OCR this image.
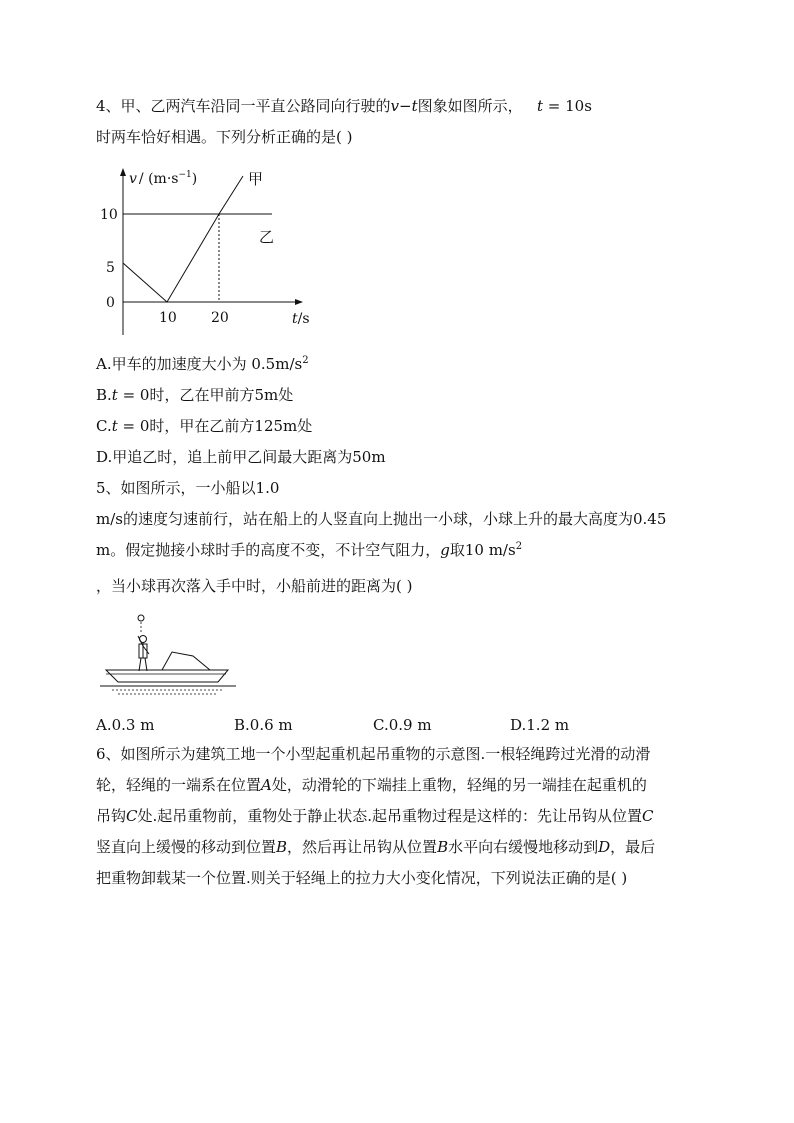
4、甲、乙两汽车沿同一平直公路同向行驶的v−t图象如图所示， t = 10s
时两车恰好相遇。下列分析正确的是( )
$v / (m\cdot s^{-1})$	甲
乙
10
5
0
10 20	t/s
A.甲车的加速度大小为 $0.5m/s^2$
B.t = 0时，乙在甲前方5m处
C.t = 0时，甲在乙前方125m处
D.甲追乙时，追上前甲乙间最大距离为50m
5、如图所示，一小船以1.0
m/s的速度匀速前行，站在船上的人竖直向上抛出一小球，小球上升的最大高度为0.45
m。假定抛接小球时手的高度不变，不计空气阻力，g取10 $m/s^2$
，当小球再次落入手中时，小船前进的距离为( )
A.0.3 m	B.0.6 m	C.0.9 m	D.1.2 m
6、如图所示为建筑工地一个小型起重机起吊重物的示意图.一根轻绳跨过光滑的动滑
轮，轻绳的一端系在位置A处，动滑轮的下端挂上重物，轻绳的另一端挂在起重机的
吊钩C处.起吊重物前，重物处于静止状态.起吊重物过程是这样的：先让吊钩从位置C
竖直向上缓慢的移动到位置B，然后再让吊钩从位置B水平向右缓慢地移动到D，最后
把重物卸载某一个位置.则关于轻绳上的拉力大小变化情况，下列说法正确的是( )
